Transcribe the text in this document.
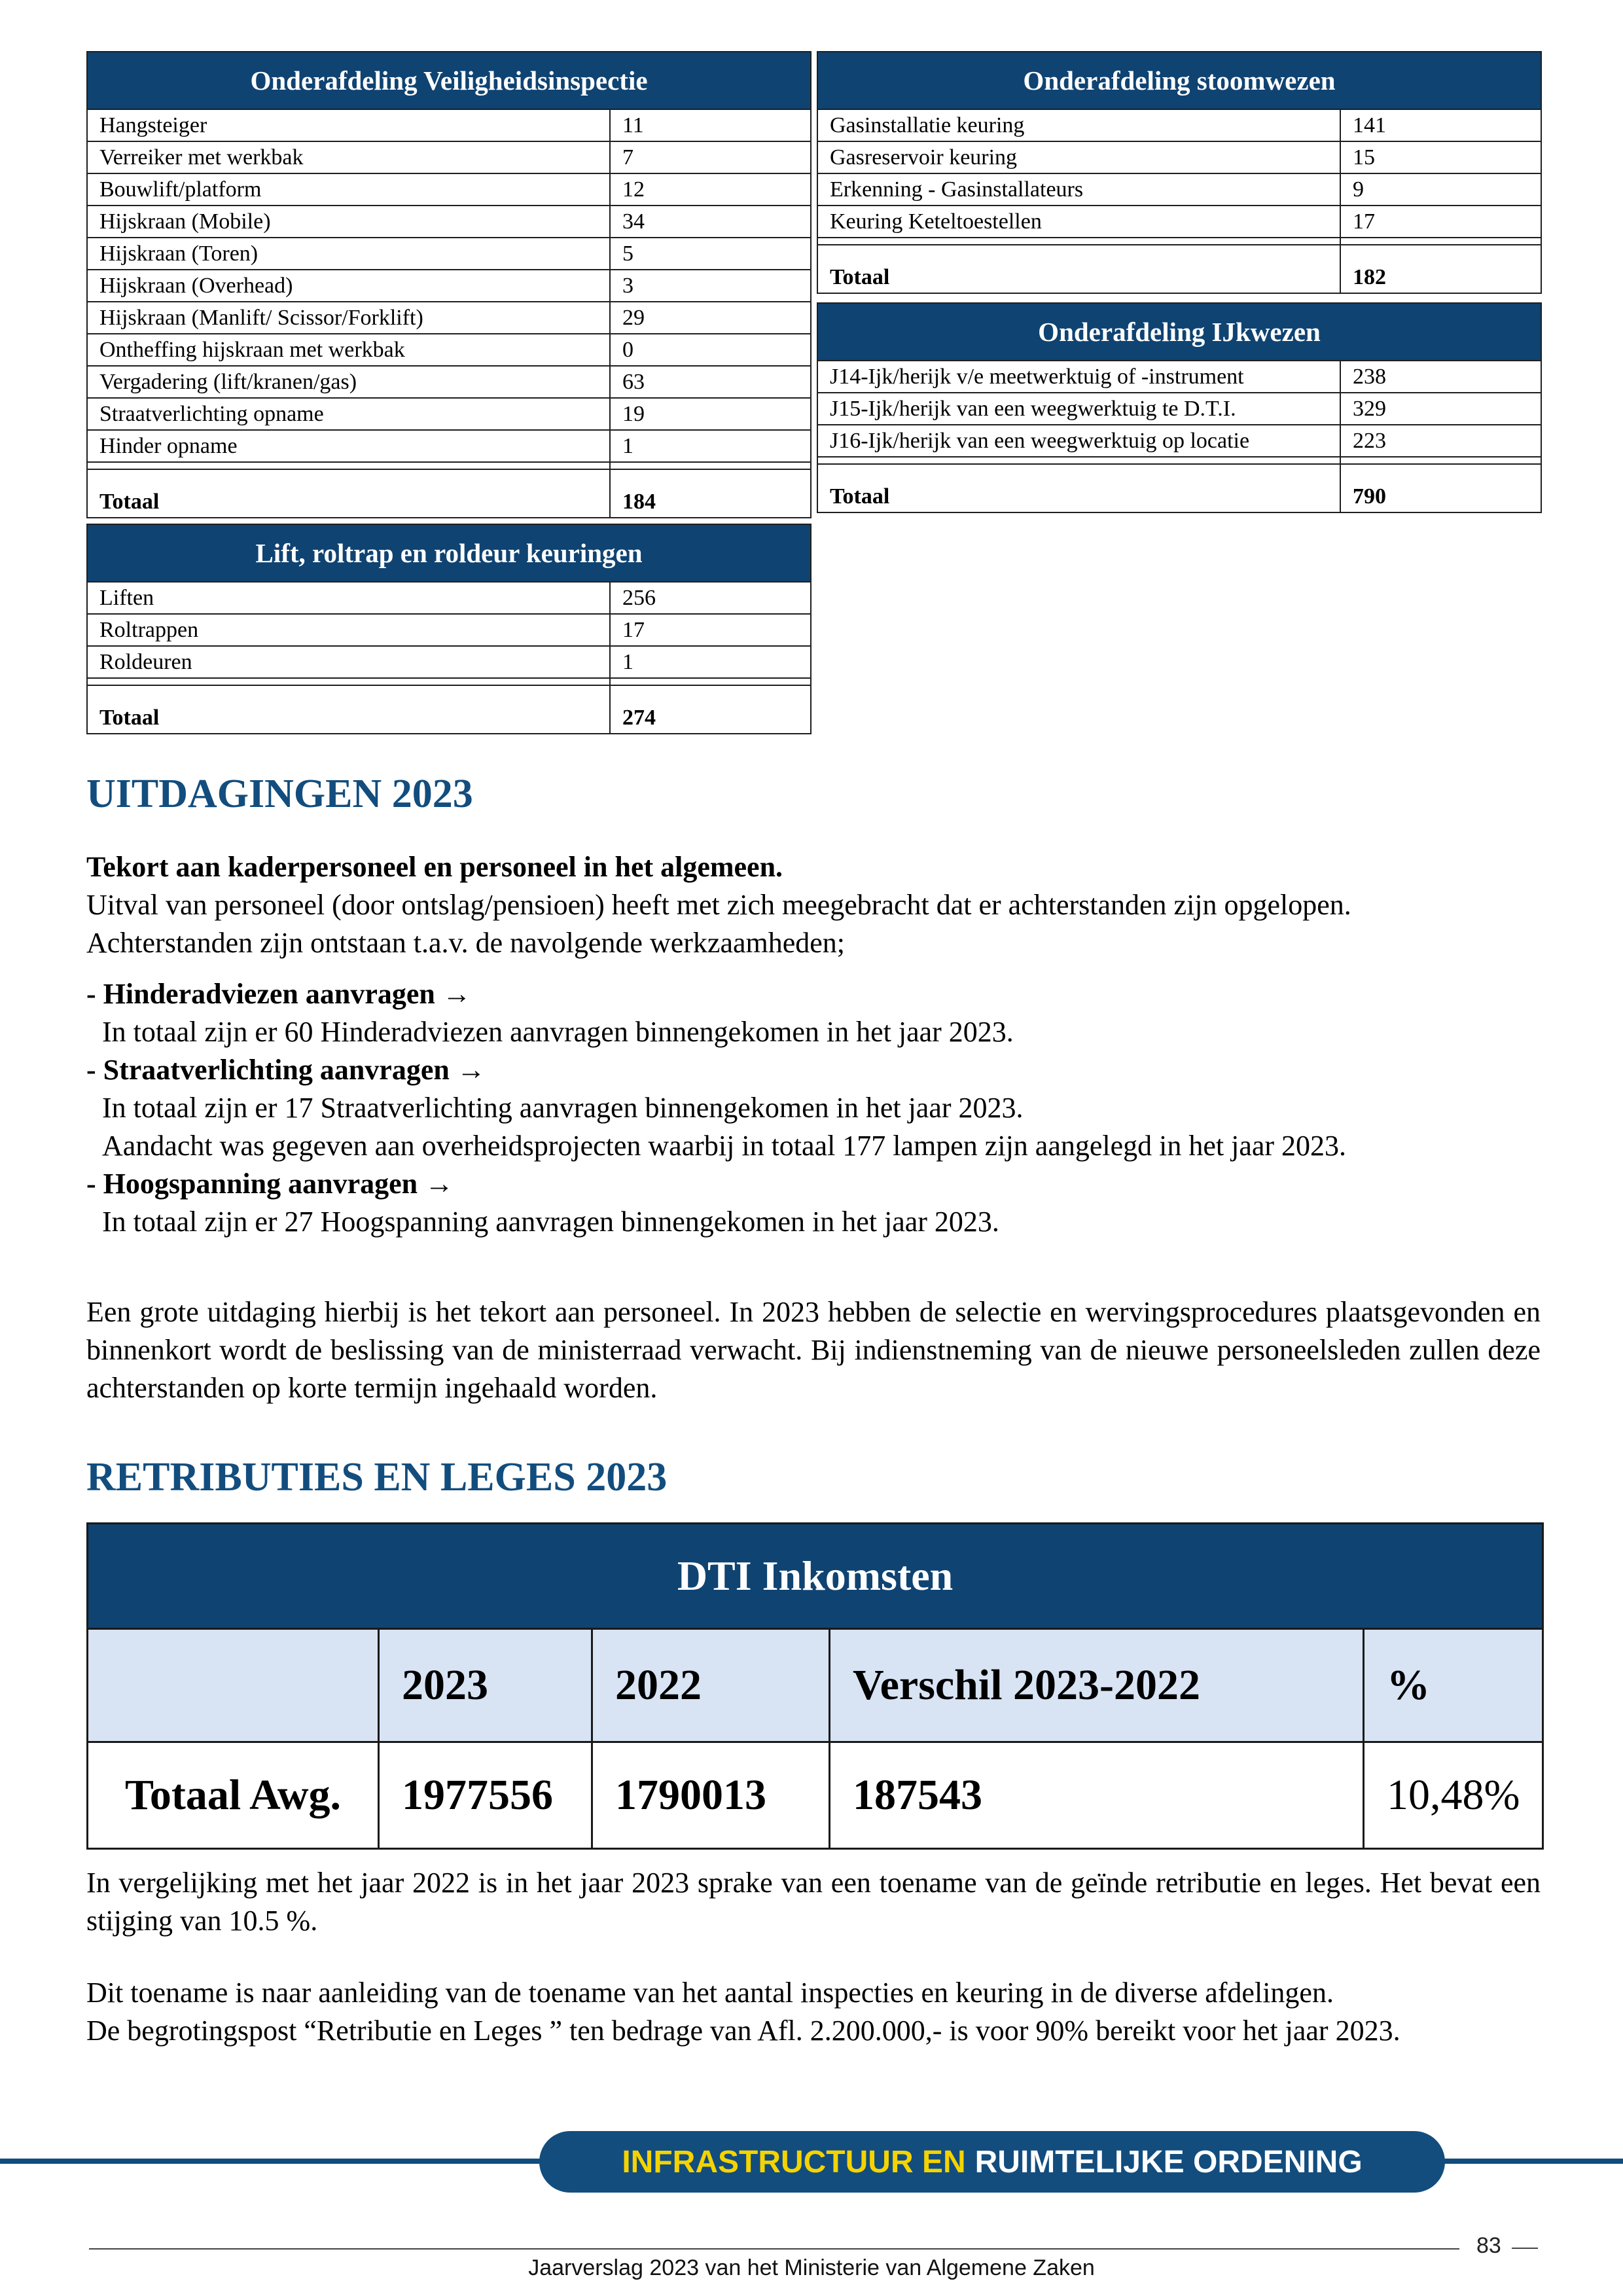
Onderafdeling Veiligheidsinspectie	
Hangsteiger	11
Verreiker met werkbak	7
Bouwlift/platform	12
Hijskraan (Mobile)	34
Hijskraan (Toren)	5
Hijskraan (Overhead)	3
Hijskraan (Manlift/ Scissor/Forklift)	29
Ontheffing hijskraan met werkbak	0
Vergadering (lift/kranen/gas)	63
Straatverlichting opname	19
Hinder opname	1

Totaal	184
Onderafdeling stoomwezen	
Gasinstallatie keuring	141
Gasreservoir keuring	15
Erkenning - Gasinstallateurs	9
Keuring Keteltoestellen	17

Totaal	182
Onderafdeling IJkwezen	
J14-Ijk/herijk v/e meetwerktuig of -instrument	238
J15-Ijk/herijk van een weegwerktuig te D.T.I.	329
J16-Ijk/herijk van een weegwerktuig op locatie	223

Totaal	790
Lift, roltrap en roldeur keuringen	
Liften	256
Roltrappen	17
Roldeuren	1

Totaal	274
UITDAGINGEN 2023
Tekort aan kaderpersoneel en personeel in het algemeen.
Uitval van personeel (door ontslag/pensioen) heeft met zich meegebracht dat er achterstanden zijn opgelopen.
Achterstanden zijn ontstaan t.a.v. de navolgende werkzaamheden;
- Hinderadviezen aanvragen →
In totaal zijn er 60 Hinderadviezen aanvragen binnengekomen in het jaar 2023.
- Straatverlichting aanvragen →
In totaal zijn er 17 Straatverlichting aanvragen binnengekomen in het jaar 2023.
Aandacht was gegeven aan overheidsprojecten waarbij in totaal 177 lampen zijn aangelegd in het jaar 2023.
- Hoogspanning aanvragen →
In totaal zijn er 27 Hoogspanning aanvragen binnengekomen in het jaar 2023.
Een grote uitdaging hierbij is het tekort aan personeel. In 2023 hebben de selectie en wervingsprocedures plaatsgevonden en binnenkort wordt de beslissing van de ministerraad verwacht. Bij indienstneming van de nieuwe personeelsleden zullen deze achterstanden op korte termijn ingehaald worden.
RETRIBUTIES EN LEGES 2023
DTI Inkomsten				
	2023	2022	Verschil 2023-2022	%
Totaal Awg.	1977556	1790013	187543	10,48%
In vergelijking met het jaar 2022 is in het jaar 2023 sprake van een toename van de geïnde retributie en leges. Het bevat een stijging van 10.5 %.
Dit toename is naar aanleiding van de toename van het aantal inspecties en keuring in de diverse afdelingen.
De begrotingspost “Retributie en Leges ” ten bedrage van Afl. 2.200.000,- is voor 90% bereikt voor het jaar 2023.
INFRASTRUCTUUR EN RUIMTELIJKE ORDENING
83
Jaarverslag 2023 van het Ministerie van Algemene Zaken
